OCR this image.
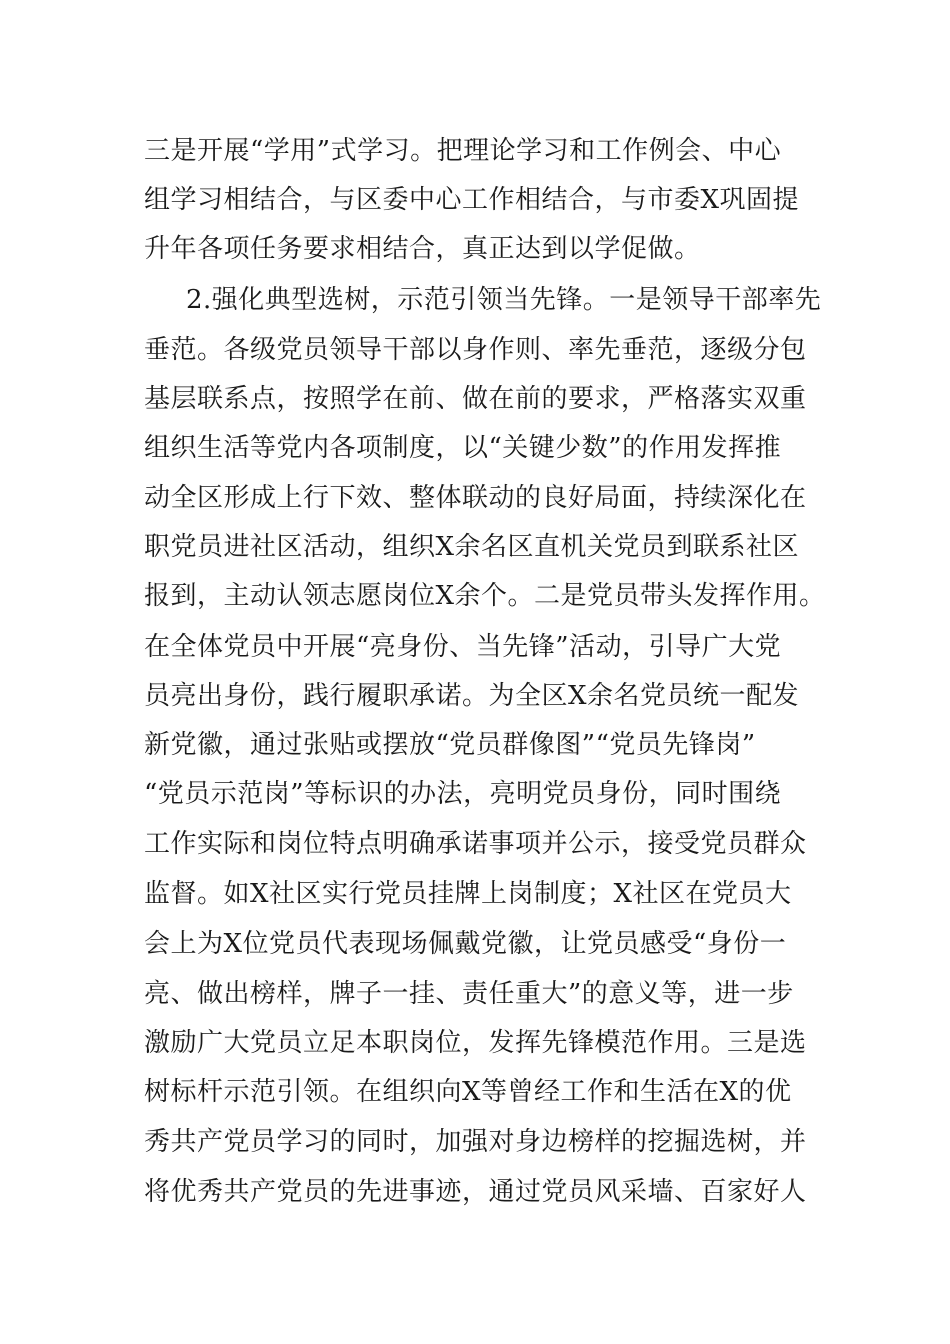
三是开展“学用”式学习。把理论学习和工作例会、中心
组学习相结合，与区委中心工作相结合，与市委X巩固提
升年各项任务要求相结合，真正达到以学促做。
2.强化典型选树，示范引领当先锋。一是领导干部率先
垂范。各级党员领导干部以身作则、率先垂范，逐级分包
基层联系点，按照学在前、做在前的要求，严格落实双重
组织生活等党内各项制度，以“关键少数”的作用发挥推
动全区形成上行下效、整体联动的良好局面，持续深化在
职党员进社区活动，组织X余名区直机关党员到联系社区
报到，主动认领志愿岗位X余个。二是党员带头发挥作用。
在全体党员中开展“亮身份、当先锋”活动，引导广大党
员亮出身份，践行履职承诺。为全区X余名党员统一配发
新党徽，通过张贴或摆放“党员群像图”“党员先锋岗”
“党员示范岗”等标识的办法，亮明党员身份，同时围绕
工作实际和岗位特点明确承诺事项并公示，接受党员群众
监督。如X社区实行党员挂牌上岗制度；X社区在党员大
会上为X位党员代表现场佩戴党徽，让党员感受“身份一
亮、做出榜样，牌子一挂、责任重大”的意义等，进一步
激励广大党员立足本职岗位，发挥先锋模范作用。三是选
树标杆示范引领。在组织向X等曾经工作和生活在X的优
秀共产党员学习的同时，加强对身边榜样的挖掘选树，并
将优秀共产党员的先进事迹，通过党员风采墙、百家好人
